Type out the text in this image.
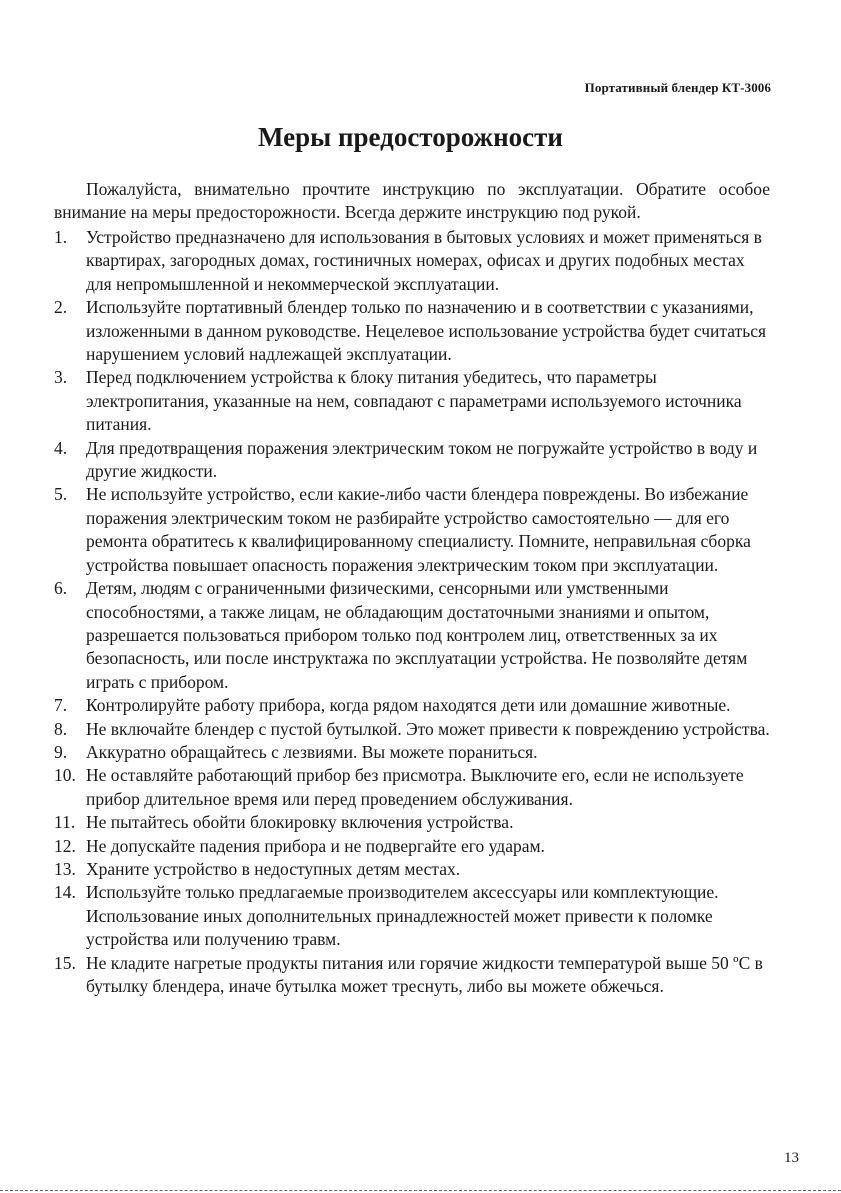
Портативный блендер КТ-3006
Меры предосторожности

Пожалуйста, внимательно прочтите инструкцию по эксплуатации. Обратите особое внимание на меры предосторожности. Всегда держите инструкцию под рукой.

1. Устройство предназначено для использования в бытовых условиях и может применяться в квартирах, загородных домах, гостиничных номерах, офисах и других подобных местах для непромышленной и некоммерческой эксплуатации.
2. Используйте портативный блендер только по назначению и в соответствии с указаниями, изложенными в данном руководстве. Нецелевое использование устройства будет считаться нарушением условий надлежащей эксплуатации.
3. Перед подключением устройства к блоку питания убедитесь, что параметры электропитания, указанные на нем, совпадают с параметрами используемого источника питания.
4. Для предотвращения поражения электрическим током не погружайте устройство в воду и другие жидкости.
5. Не используйте устройство, если какие-либо части блендера повреждены. Во избежание поражения электрическим током не разбирайте устройство самостоятельно — для его ремонта обратитесь к квалифицированному специалисту. Помните, неправильная сборка устройства повышает опасность поражения электрическим током при эксплуатации.
6. Детям, людям с ограниченными физическими, сенсорными или умственными способностями, а также лицам, не обладающим достаточными знаниями и опытом, разрешается пользоваться прибором только под контролем лиц, ответственных за их безопасность, или после инструктажа по эксплуатации устройства. Не позволяйте детям играть с прибором.
7. Контролируйте работу прибора, когда рядом находятся дети или домашние животные.
8. Не включайте блендер с пустой бутылкой. Это может привести к повреждению устройства.
9. Аккуратно обращайтесь с лезвиями. Вы можете пораниться.
10. Не оставляйте работающий прибор без присмотра. Выключите его, если не используете прибор длительное время или перед проведением обслуживания.
11. Не пытайтесь обойти блокировку включения устройства.
12. Не допускайте падения прибора и не подвергайте его ударам.
13. Храните устройство в недоступных детям местах.
14. Используйте только предлагаемые производителем аксессуары или комплектующие. Использование иных дополнительных принадлежностей может привести к поломке устройства или получению травм.
15. Не кладите нагретые продукты питания или горячие жидкости температурой выше 50 ºС в бутылку блендера, иначе бутылка может треснуть, либо вы можете обжечься.
13
